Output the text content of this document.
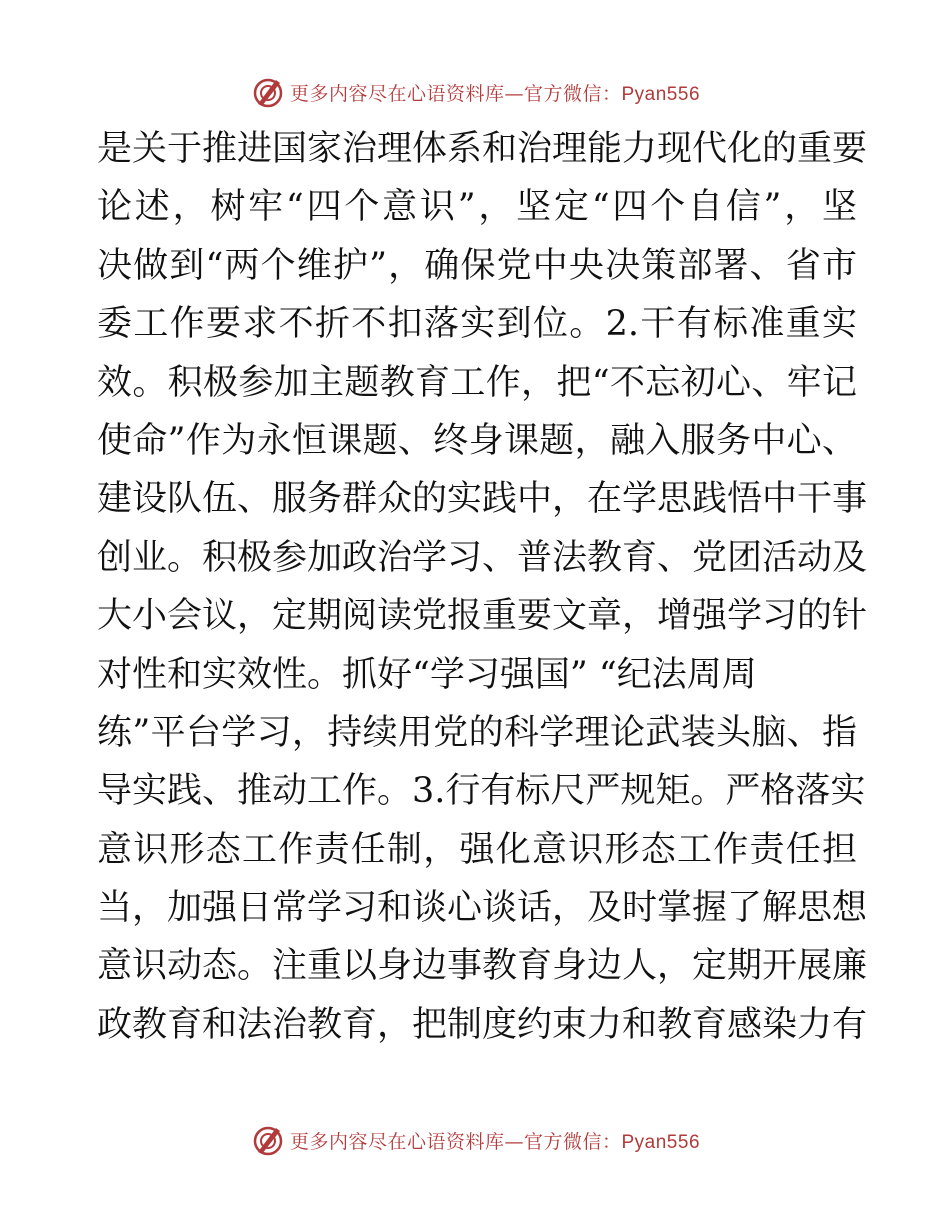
更多内容尽在心语资料库—官方微信：Pyan556
是关于推进国家治理体系和治理能力现代化的重要
论述，树牢“四个意识”，坚定“四个自信”，坚
决做到“两个维护”，确保党中央决策部署、省市
委工作要求不折不扣落实到位。2.干有标准重实
效。积极参加主题教育工作，把“不忘初心、牢记
使命”作为永恒课题、终身课题，融入服务中心、
建设队伍、服务群众的实践中，在学思践悟中干事
创业。积极参加政治学习、普法教育、党团活动及
大小会议，定期阅读党报重要文章，增强学习的针
对性和实效性。抓好“学习强国” “纪法周周
练”平台学习，持续用党的科学理论武装头脑、指
导实践、推动工作。3.行有标尺严规矩。严格落实
意识形态工作责任制，强化意识形态工作责任担
当，加强日常学习和谈心谈话，及时掌握了解思想
意识动态。注重以身边事教育身边人，定期开展廉
政教育和法治教育，把制度约束力和教育感染力有
更多内容尽在心语资料库—官方微信：Pyan556
